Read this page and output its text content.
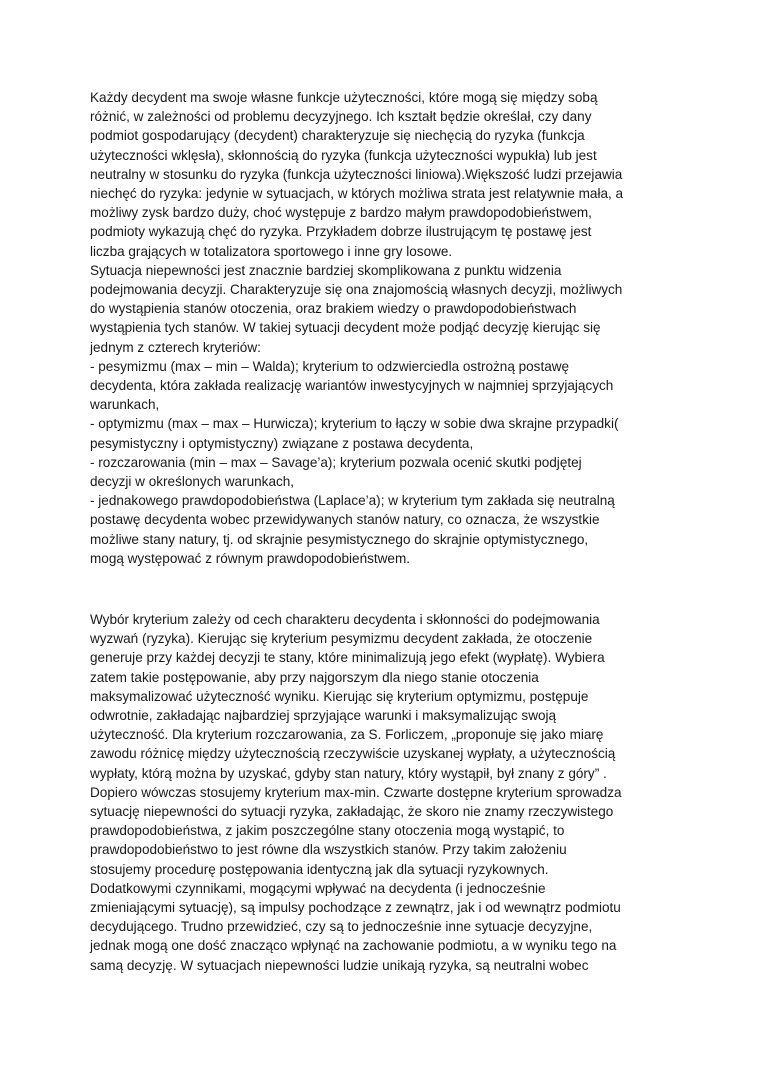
Każdy decydent ma swoje własne funkcje użyteczności, które mogą się między sobą

różnić, w zależności od problemu decyzyjnego. Ich kształt będzie określał, czy dany

podmiot gospodarujący (decydent) charakteryzuje się niechęcią do ryzyka (funkcja

użyteczności wklęsła), skłonnością do ryzyka (funkcja użyteczności wypukła) lub jest

neutralny w stosunku do ryzyka (funkcja użyteczności liniowa).Większość ludzi przejawia

niechęć do ryzyka: jedynie w sytuacjach, w których możliwa strata jest relatywnie mała, a

możliwy zysk bardzo duży, choć występuje z bardzo małym prawdopodobieństwem,

podmioty wykazują chęć do ryzyka. Przykładem dobrze ilustrującym tę postawę jest

liczba grających w totalizatora sportowego i inne gry losowe.

Sytuacja niepewności jest znacznie bardziej skomplikowana z punktu widzenia

podejmowania decyzji. Charakteryzuje się ona znajomością własnych decyzji, możliwych

do wystąpienia stanów otoczenia, oraz brakiem wiedzy o prawdopodobieństwach

wystąpienia tych stanów. W takiej sytuacji decydent może podjąć decyzję kierując się

jednym z czterech kryteriów:

- pesymizmu (max – min – Walda); kryterium to odzwierciedla ostrożną postawę

decydenta, która zakłada realizację wariantów inwestycyjnych w najmniej sprzyjających

warunkach,

- optymizmu (max – max – Hurwicza); kryterium to łączy w sobie dwa skrajne przypadki(

pesymistyczny i optymistyczny) związane z postawa decydenta,

- rozczarowania (min – max – Savage’a); kryterium pozwala ocenić skutki podjętej

decyzji w określonych warunkach,

- jednakowego prawdopodobieństwa (Laplace’a); w kryterium tym zakłada się neutralną

postawę decydenta wobec przewidywanych stanów natury, co oznacza, że wszystkie

możliwe stany natury, tj. od skrajnie pesymistycznego do skrajnie optymistycznego,

mogą występować z równym prawdopodobieństwem.

Wybór kryterium zależy od cech charakteru decydenta i skłonności do podejmowania

wyzwań (ryzyka). Kierując się kryterium pesymizmu decydent zakłada, że otoczenie

generuje przy każdej decyzji te stany, które minimalizują jego efekt (wypłatę). Wybiera

zatem takie postępowanie, aby przy najgorszym dla niego stanie otoczenia

maksymalizować użyteczność wyniku. Kierując się kryterium optymizmu, postępuje

odwrotnie, zakładając najbardziej sprzyjające warunki i maksymalizując swoją

użyteczność. Dla kryterium rozczarowania, za S. Forliczem, „proponuje się jako miarę

zawodu różnicę między użytecznością rzeczywiście uzyskanej wypłaty, a użytecznością

wypłaty, którą można by uzyskać, gdyby stan natury, który wystąpił, był znany z góry” .

Dopiero wówczas stosujemy kryterium max-min. Czwarte dostępne kryterium sprowadza

sytuację niepewności do sytuacji ryzyka, zakładając, że skoro nie znamy rzeczywistego

prawdopodobieństwa, z jakim poszczególne stany otoczenia mogą wystąpić, to

prawdopodobieństwo to jest równe dla wszystkich stanów. Przy takim założeniu

stosujemy procedurę postępowania identyczną jak dla sytuacji ryzykownych.

Dodatkowymi czynnikami, mogącymi wpływać na decydenta (i jednocześnie

zmieniającymi sytuację), są impulsy pochodzące z zewnątrz, jak i od wewnątrz podmiotu

decydującego. Trudno przewidzieć, czy są to jednocześnie inne sytuacje decyzyjne,

jednak mogą one dość znacząco wpłynąć na zachowanie podmiotu, a w wyniku tego na

samą decyzję. W sytuacjach niepewności ludzie unikają ryzyka, są neutralni wobec
